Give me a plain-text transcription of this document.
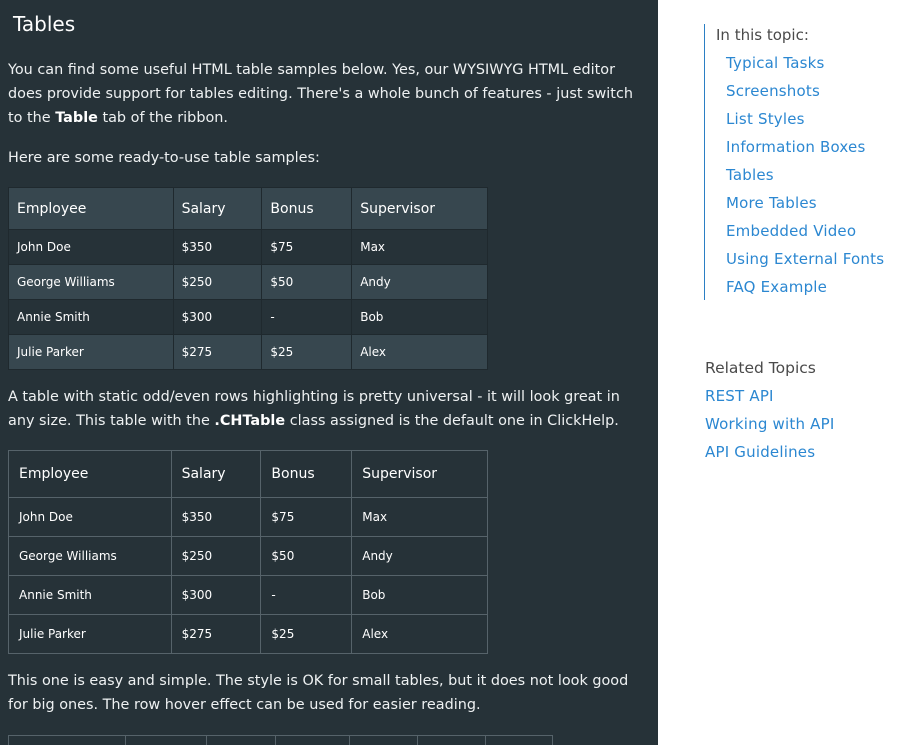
Tables

You can find some useful HTML table samples below. Yes, our WYSIWYG HTML editor does provide support for tables editing. There's a whole bunch of features - just switch to the Table tab of the ribbon.

Here are some ready-to-use table samples:

Employee	Salary	Bonus	Supervisor
John Doe	$350	$75	Max
George Williams	$250	$50	Andy
Annie Smith	$300	-	Bob
Julie Parker	$275	$25	Alex

A table with static odd/even rows highlighting is pretty universal - it will look great in any size. This table with the .CHTable class assigned is the default one in ClickHelp.

Employee	Salary	Bonus	Supervisor
John Doe	$350	$75	Max
George Williams	$250	$50	Andy
Annie Smith	$300	-	Bob
Julie Parker	$275	$25	Alex

This one is easy and simple. The style is OK for small tables, but it does not look good for big ones. The row hover effect can be used for easier reading.

In this topic:
Typical Tasks
Screenshots
List Styles
Information Boxes
Tables
More Tables
Embedded Video
Using External Fonts
FAQ Example
Related Topics
REST API
Working with API
API Guidelines
